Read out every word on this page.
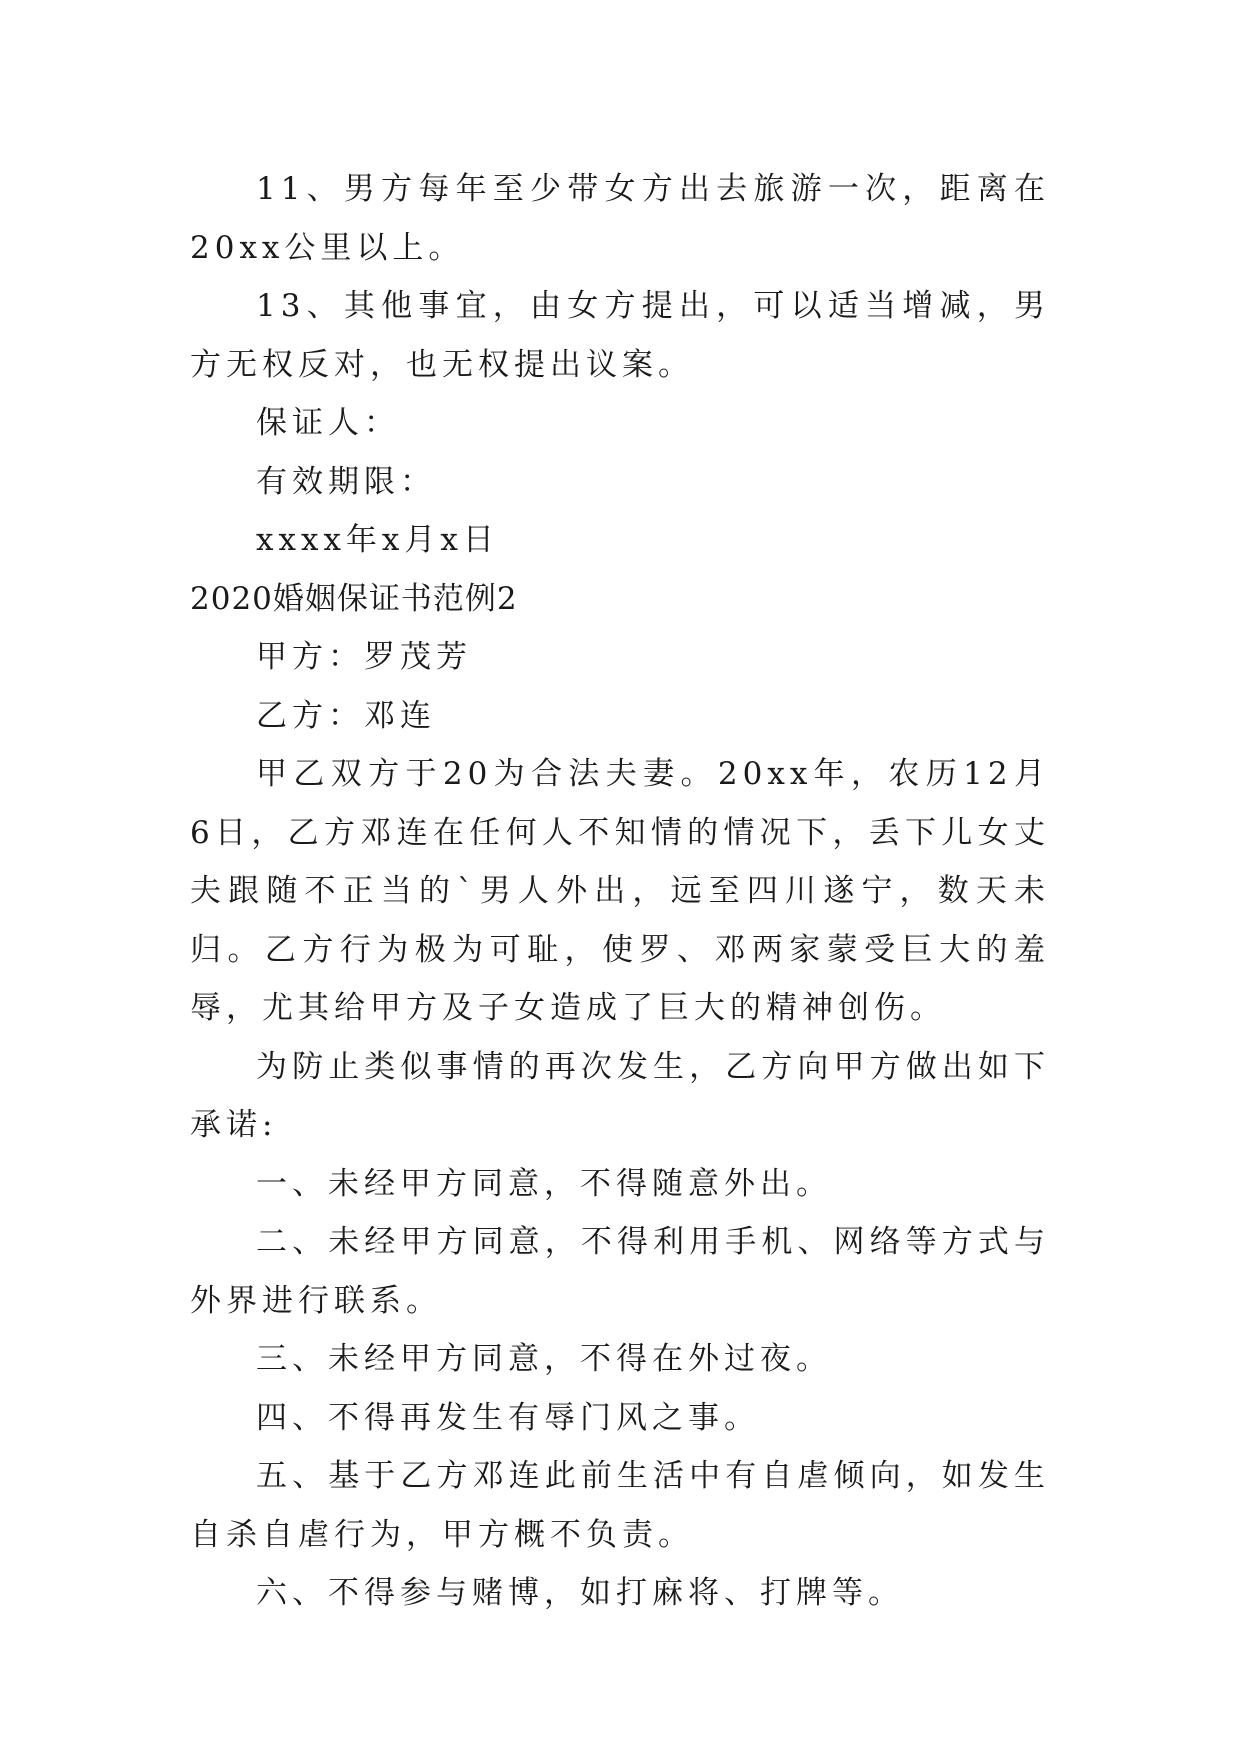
11、男方每年至少带女方出去旅游一次，距离在20xx公里以上。

13、其他事宜，由女方提出，可以适当增减，男方无权反对，也无权提出议案。

保证人：

有效期限：

xxxx年x月x日

2020婚姻保证书范例2

甲方：罗茂芳

乙方：邓连

甲乙双方于20为合法夫妻。20xx年，农历12月6日，乙方邓连在任何人不知情的情况下，丢下儿女丈夫跟随不正当的`男人外出，远至四川遂宁，数天未归。乙方行为极为可耻，使罗、邓两家蒙受巨大的羞辱，尤其给甲方及子女造成了巨大的精神创伤。

为防止类似事情的再次发生，乙方向甲方做出如下承诺:

一、未经甲方同意，不得随意外出。

二、未经甲方同意，不得利用手机、网络等方式与外界进行联系。

三、未经甲方同意，不得在外过夜。

四、不得再发生有辱门风之事。

五、基于乙方邓连此前生活中有自虐倾向，如发生自杀自虐行为，甲方概不负责。

六、不得参与赌博，如打麻将、打牌等。
